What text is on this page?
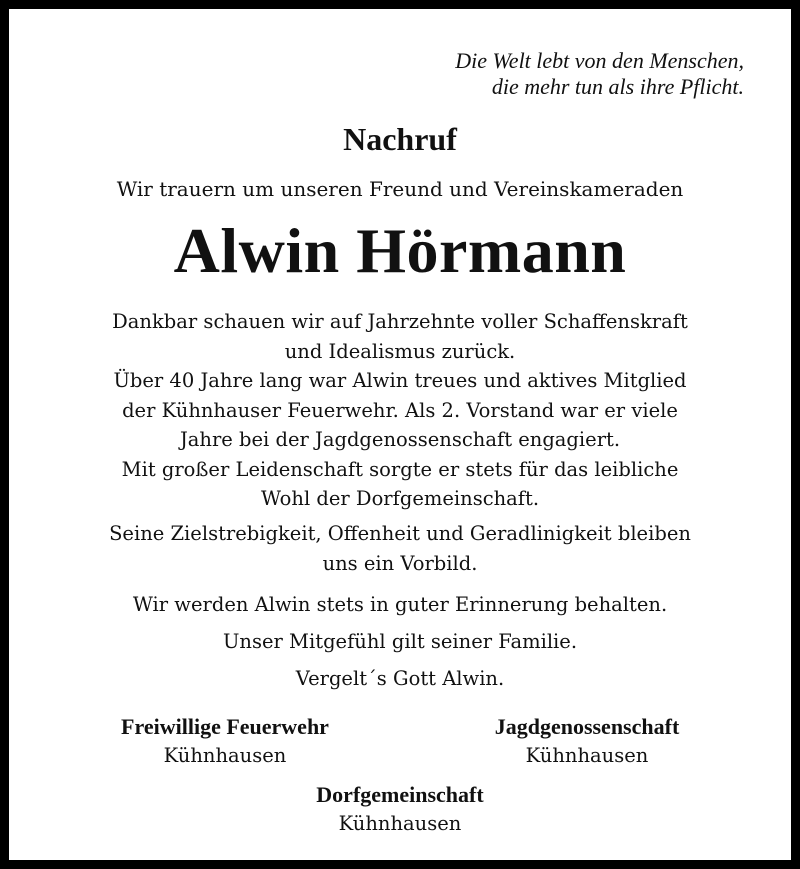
Die Welt lebt von den Menschen,
die mehr tun als ihre Pflicht.
Nachruf
Wir trauern um unseren Freund und Vereinskameraden
Alwin Hörmann
Dankbar schauen wir auf Jahrzehnte voller Schaffenskraft
und Idealismus zurück.
Über 40 Jahre lang war Alwin treues und aktives Mitglied
der Kühnhauser Feuerwehr. Als 2. Vorstand war er viele
Jahre bei der Jagdgenossenschaft engagiert.
Mit großer Leidenschaft sorgte er stets für das leibliche
Wohl der Dorfgemeinschaft.
Seine Zielstrebigkeit, Offenheit und Geradlinigkeit bleiben
uns ein Vorbild.
Wir werden Alwin stets in guter Erinnerung behalten.
Unser Mitgefühl gilt seiner Familie.
Vergelt´s Gott Alwin.
Freiwillige Feuerwehr
Kühnhausen
Jagdgenossenschaft
Kühnhausen
Dorfgemeinschaft
Kühnhausen
